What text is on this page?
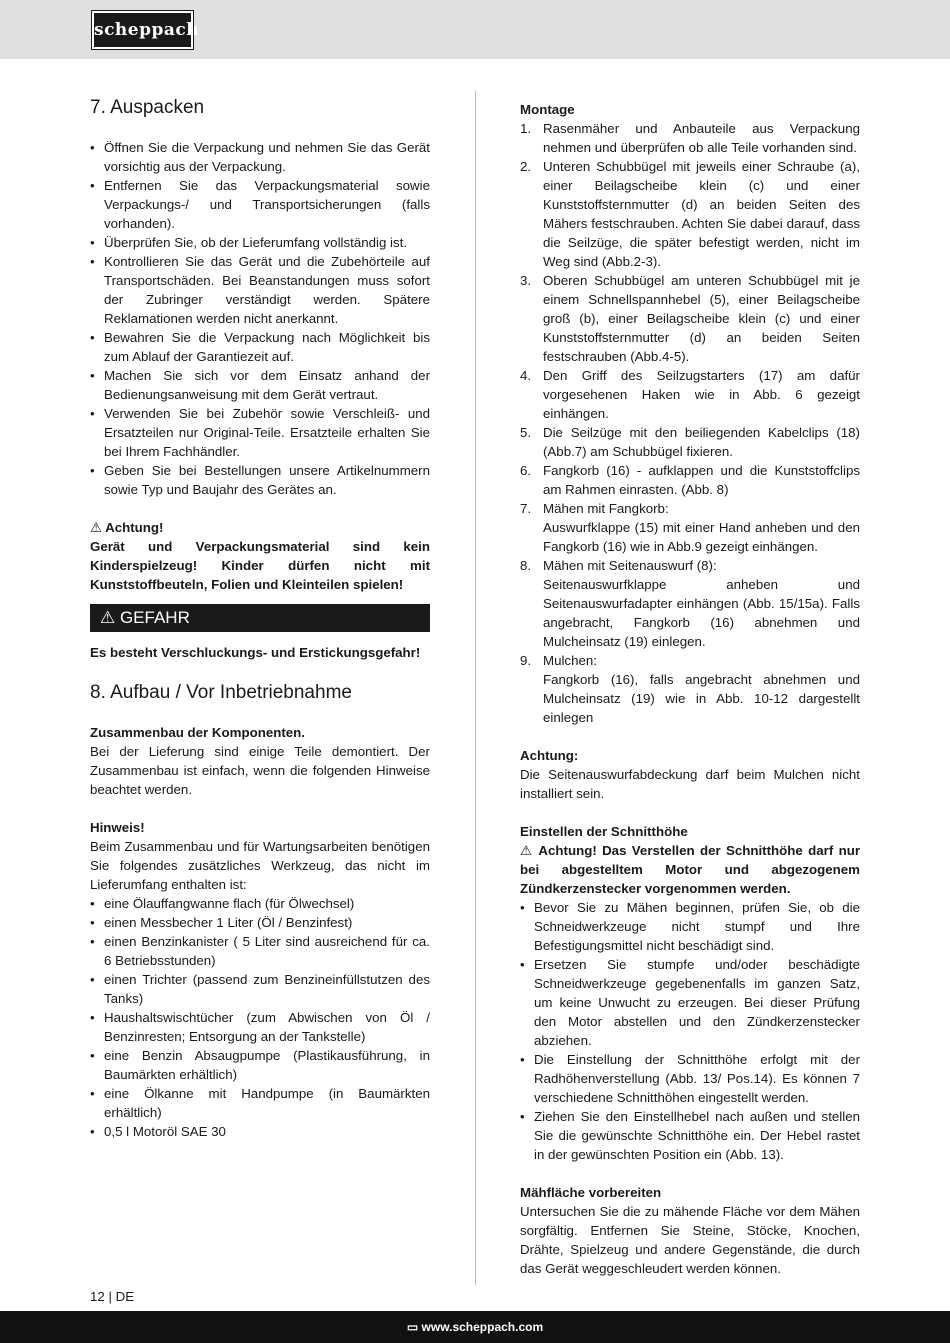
scheppach
7. Auspacken
• Öffnen Sie die Verpackung und nehmen Sie das Gerät vorsichtig aus der Verpackung.
• Entfernen Sie das Verpackungsmaterial sowie Verpackungs-/ und Transportsicherungen (falls vorhanden).
• Überprüfen Sie, ob der Lieferumfang vollständig ist.
• Kontrollieren Sie das Gerät und die Zubehörteile auf Transportschäden. Bei Beanstandungen muss sofort der Zubringer verständigt werden. Spätere Reklamationen werden nicht anerkannt.
• Bewahren Sie die Verpackung nach Möglichkeit bis zum Ablauf der Garantiezeit auf.
• Machen Sie sich vor dem Einsatz anhand der Bedienungsanweisung mit dem Gerät vertraut.
• Verwenden Sie bei Zubehör sowie Verschleiß- und Ersatzteilen nur Original-Teile. Ersatzteile erhalten Sie bei Ihrem Fachhändler.
• Geben Sie bei Bestellungen unsere Artikelnummern sowie Typ und Baujahr des Gerätes an.

⚠ Achtung!

Gerät und Verpackungsmaterial sind kein Kinderspielzeug! Kinder dürfen nicht mit Kunststoffbeuteln, Folien und Kleinteilen spielen!

⚠ GEFAHR

Es besteht Verschluckungs- und Erstickungsgefahr!

8. Aufbau / Vor Inbetriebnahme

Zusammenbau der Komponenten.

Bei der Lieferung sind einige Teile demontiert. Der Zusammenbau ist einfach, wenn die folgenden Hinweise beachtet werden.

Hinweis!

Beim Zusammenbau und für Wartungsarbeiten benötigen Sie folgendes zusätzliches Werkzeug, das nicht im Lieferumfang enthalten ist:

• eine Ölauffangwanne flach (für Ölwechsel)
• einen Messbecher 1 Liter (Öl / Benzinfest)
• einen Benzinkanister ( 5 Liter sind ausreichend für ca. 6 Betriebsstunden)
• einen Trichter (passend zum Benzineinfüllstutzen des Tanks)
• Haushaltswischtücher (zum Abwischen von Öl / Benzinresten; Entsorgung an der Tankstelle)
• eine Benzin Absaugpumpe (Plastikausführung, in Baumärkten erhältlich)
• eine Ölkanne mit Handpumpe (in Baumärkten erhältlich)
• 0,5 l Motoröl SAE 30

Montage

1. Rasenmäher und Anbauteile aus Verpackung nehmen und überprüfen ob alle Teile vorhanden sind.
2. Unteren Schubbügel mit jeweils einer Schraube (a), einer Beilagscheibe klein (c) und einer Kunststoffsternmutter (d) an beiden Seiten des Mähers festschrauben. Achten Sie dabei darauf, dass die Seilzüge, die später befestigt werden, nicht im Weg sind (Abb.2-3).
3. Oberen Schubbügel am unteren Schubbügel mit je einem Schnellspannhebel (5), einer Beilagscheibe groß (b), einer Beilagscheibe klein (c) und einer Kunststoffsternmutter (d) an beiden Seiten festschrauben (Abb.4-5).
4. Den Griff des Seilzugstarters (17) am dafür vorgesehenen Haken wie in Abb. 6 gezeigt einhängen.
5. Die Seilzüge mit den beiliegenden Kabelclips (18) (Abb.7) am Schubbügel fixieren.
6. Fangkorb (16) - aufklappen und die Kunststoffclips am Rahmen einrasten. (Abb. 8)
7. Mähen mit Fangkorb:
Auswurfklappe (15) mit einer Hand anheben und den Fangkorb (16) wie in Abb.9 gezeigt einhängen.
8. Mähen mit Seitenauswurf (8):
Seitenauswurfklappe anheben und Seitenauswurfadapter einhängen (Abb. 15/15a). Falls angebracht, Fangkorb (16) abnehmen und Mulcheinsatz (19) einlegen.
9. Mulchen:
Fangkorb (16), falls angebracht abnehmen und Mulcheinsatz (19) wie in Abb. 10-12 dargestellt einlegen

Achtung:

Die Seitenauswurfabdeckung darf beim Mulchen nicht installiert sein.

Einstellen der Schnitthöhe

⚠ Achtung! Das Verstellen der Schnitthöhe darf nur bei abgestelltem Motor und abgezogenem Zündkerzenstecker vorgenommen werden.

• Bevor Sie zu Mähen beginnen, prüfen Sie, ob die Schneidwerkzeuge nicht stumpf und Ihre Befestigungsmittel nicht beschädigt sind.
• Ersetzen Sie stumpfe und/oder beschädigte Schneidwerkzeuge gegebenenfalls im ganzen Satz, um keine Unwucht zu erzeugen. Bei dieser Prüfung den Motor abstellen und den Zündkerzenstecker abziehen.
• Die Einstellung der Schnitthöhe erfolgt mit der Radhöhenverstellung (Abb. 13/ Pos.14). Es können 7 verschiedene Schnitthöhen eingestellt werden.
• Ziehen Sie den Einstellhebel nach außen und stellen Sie die gewünschte Schnitthöhe ein. Der Hebel rastet in der gewünschten Position ein (Abb. 13).

Mähfläche vorbereiten

Untersuchen Sie die zu mähende Fläche vor dem Mähen sorgfältig. Entfernen Sie Steine, Stöcke, Knochen, Drähte, Spielzeug und andere Gegenstände, die durch das Gerät weggeschleudert werden können.

12 | DE
▭ www.scheppach.com
